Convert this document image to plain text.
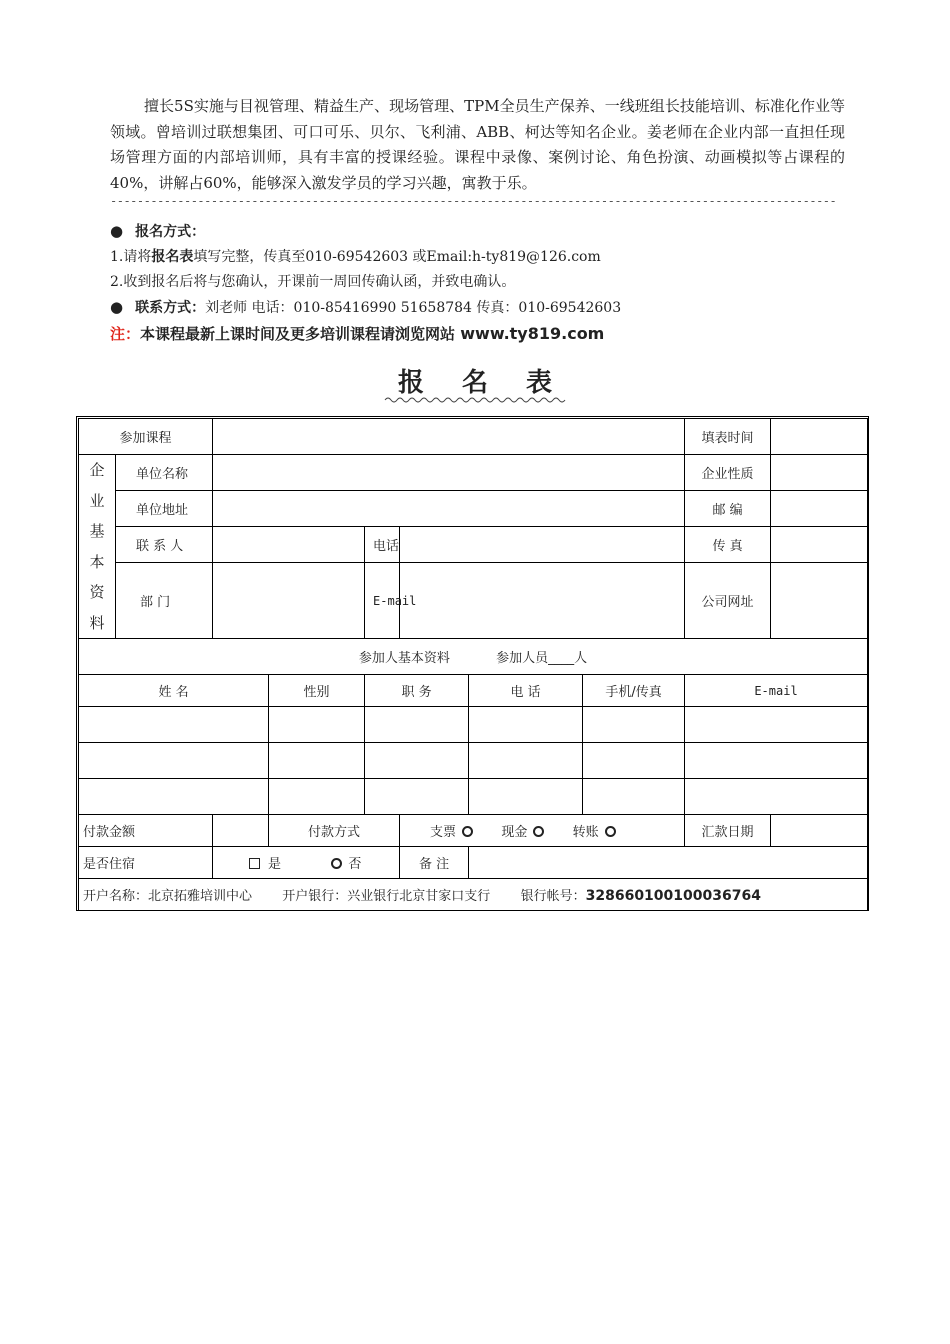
擅长5S实施与目视管理、精益生产、现场管理、TPM全员生产保养、一线班组长技能培训、标准化作业等领域。曾培训过联想集团、可口可乐、贝尔、飞利浦、ABB、柯达等知名企业。姜老师在企业内部一直担任现场管理方面的内部培训师，具有丰富的授课经验。课程中录像、案例讨论、角色扮演、动画模拟等占课程的40%，讲解占60%，能够深入激发学员的学习兴趣，寓教于乐。

------------------------------------------------------------------------------------------------------------
● 报名方式：
1.请将报名表填写完整，传真至010-69542603 或Email:h-ty819@126.com
2.收到报名后将与您确认，开课前一周回传确认函，并致电确认。
● 联系方式：刘老师 电话：010-85416990 51658784 传真：010-69542603
注：本课程最新上课时间及更多培训课程请浏览网站 www.ty819.com
报名表
参加课程								填表时间	

企业基本资料	单位名称							企业性质	
	单位地址							邮 编	
	联 系 人			电话				传 真	
	部 门			E-mail				公司网址	
参加人基本资料 参加人员____人									
姓 名			性别	职 务		电 话	手机/传真	E-mail	

付款金额			付款方式		支票 现金 转账			汇款日期	
是否住宿		是 否			备 注				
开户名称：北京拓雅培训中心 开户银行：兴业银行北京甘家口支行 银行帐号：328660100100036764									
